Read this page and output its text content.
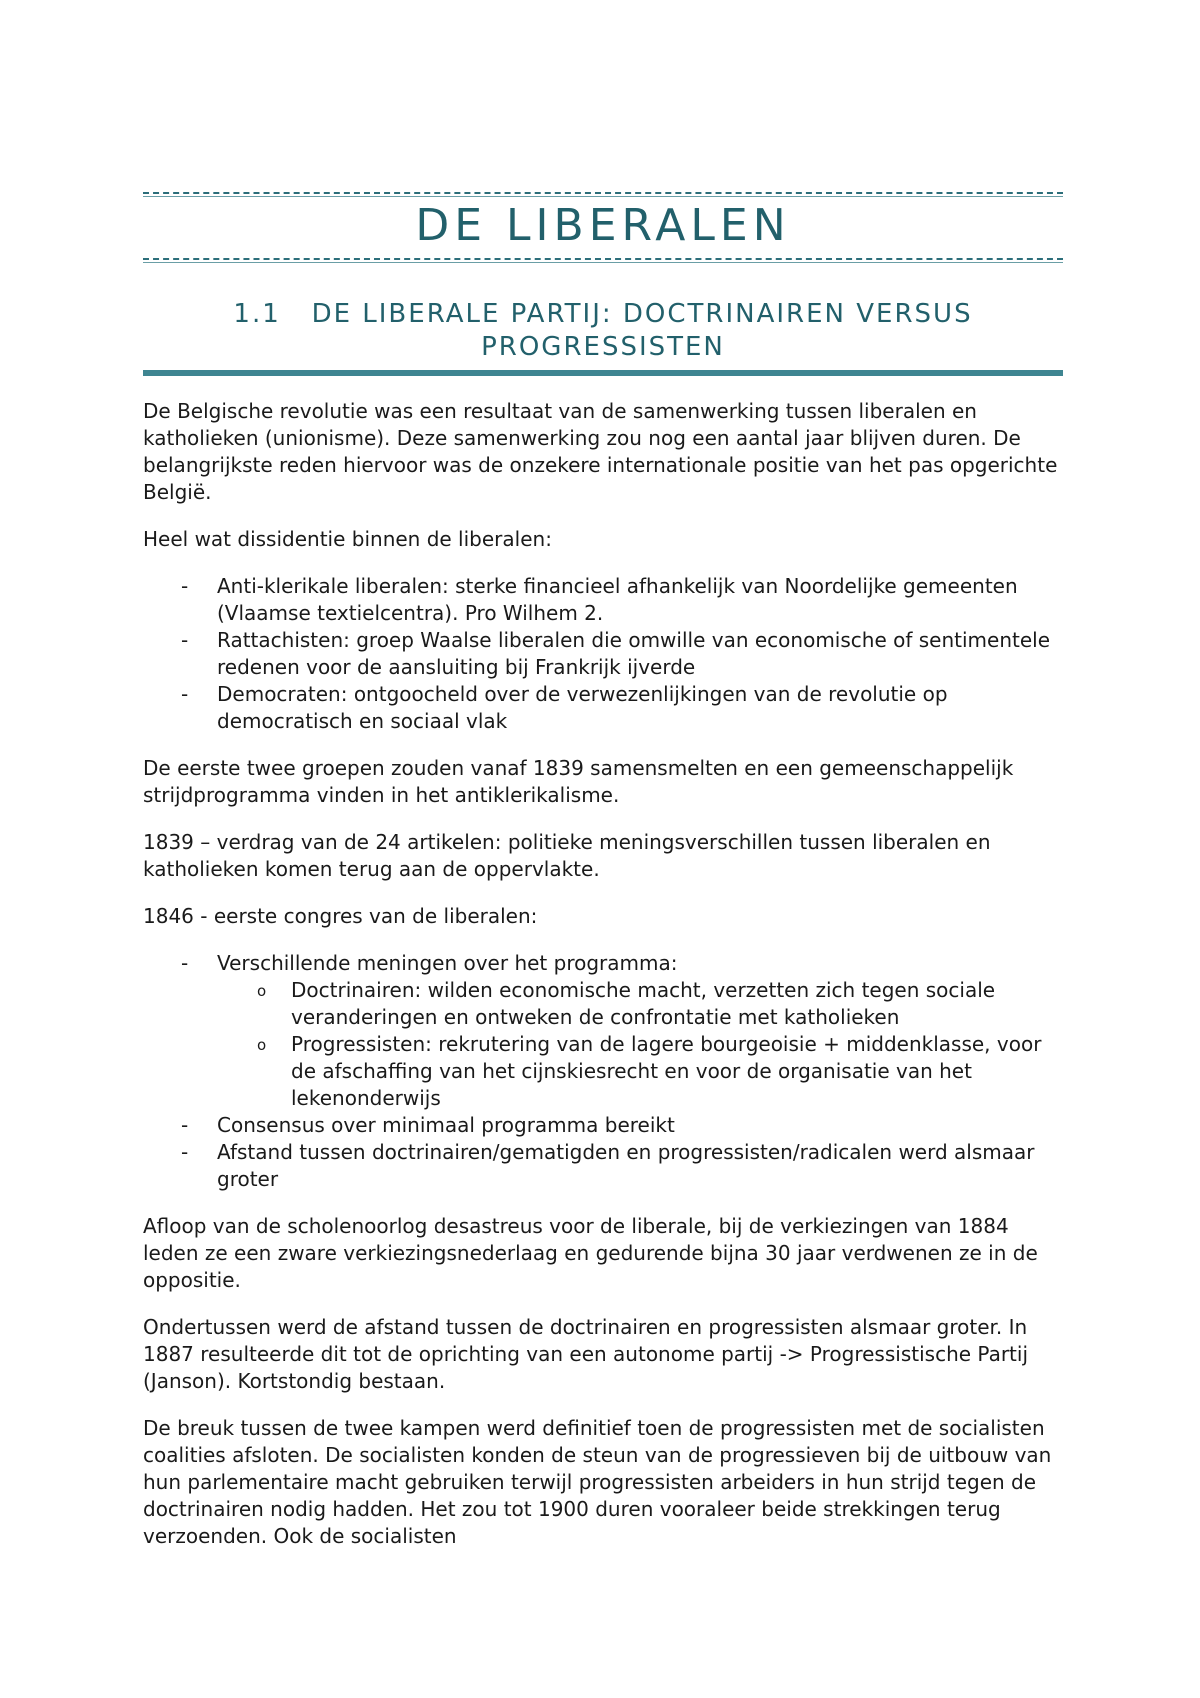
DE LIBERALEN
1.1 DE LIBERALE PARTIJ: DOCTRINAIREN VERSUS PROGRESSISTEN

De Belgische revolutie was een resultaat van de samenwerking tussen liberalen en katholieken (unionisme). Deze samenwerking zou nog een aantal jaar blijven duren. De belangrijkste reden hiervoor was de onzekere internationale positie van het pas opgerichte België.

Heel wat dissidentie binnen de liberalen:

- Anti-klerikale liberalen: sterke financieel afhankelijk van Noordelijke gemeenten (Vlaamse textielcentra). Pro Wilhem 2.
- Rattachisten: groep Waalse liberalen die omwille van economische of sentimentele redenen voor de aansluiting bij Frankrijk ijverde
- Democraten: ontgoocheld over de verwezenlijkingen van de revolutie op democratisch en sociaal vlak

De eerste twee groepen zouden vanaf 1839 samensmelten en een gemeenschappelijk strijdprogramma vinden in het antiklerikalisme.

1839 – verdrag van de 24 artikelen: politieke meningsverschillen tussen liberalen en katholieken komen terug aan de oppervlakte.

1846 - eerste congres van de liberalen:

- Verschillende meningen over het programma:
o Doctrinairen: wilden economische macht, verzetten zich tegen sociale veranderingen en ontweken de confrontatie met katholieken
o Progressisten: rekrutering van de lagere bourgeoisie + middenklasse, voor de afschaffing van het cijnskiesrecht en voor de organisatie van het lekenonderwijs
- Consensus over minimaal programma bereikt
- Afstand tussen doctrinairen/gematigden en progressisten/radicalen werd alsmaar groter

Afloop van de scholenoorlog desastreus voor de liberale, bij de verkiezingen van 1884 leden ze een zware verkiezingsnederlaag en gedurende bijna 30 jaar verdwenen ze in de oppositie.

Ondertussen werd de afstand tussen de doctrinairen en progressisten alsmaar groter. In 1887 resulteerde dit tot de oprichting van een autonome partij -> Progressistische Partij (Janson). Kortstondig bestaan.

De breuk tussen de twee kampen werd definitief toen de progressisten met de socialisten coalities afsloten. De socialisten konden de steun van de progressieven bij de uitbouw van hun parlementaire macht gebruiken terwijl progressisten arbeiders in hun strijd tegen de doctrinairen nodig hadden. Het zou tot 1900 duren vooraleer beide strekkingen terug verzoenden. Ook de socialisten
